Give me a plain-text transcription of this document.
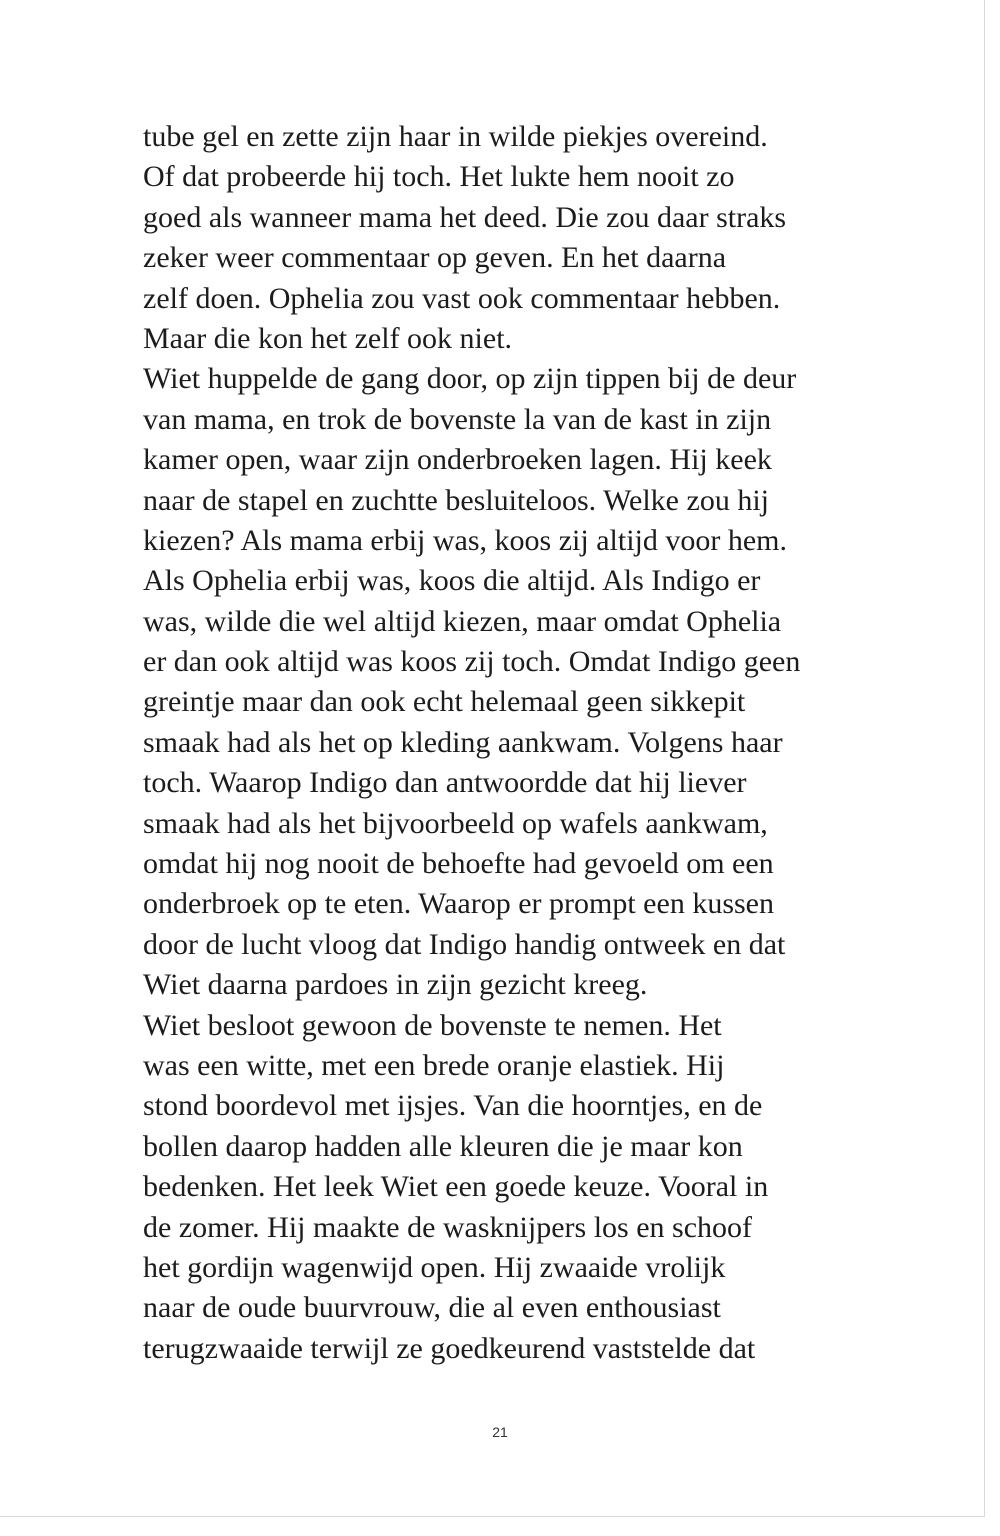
tube gel en zette zijn haar in wilde piekjes overeind.
Of dat probeerde hij toch. Het lukte hem nooit zo
goed als wanneer mama het deed. Die zou daar straks
zeker weer commentaar op geven. En het daarna
zelf doen. Ophelia zou vast ook commentaar hebben.
Maar die kon het zelf ook niet.
Wiet huppelde de gang door, op zijn tippen bij de deur
van mama, en trok de bovenste la van de kast in zijn
kamer open, waar zijn onderbroeken lagen. Hij keek
naar de stapel en zuchtte besluiteloos. Welke zou hij
kiezen? Als mama erbij was, koos zij altijd voor hem.
Als Ophelia erbij was, koos die altijd. Als Indigo er
was, wilde die wel altijd kiezen, maar omdat Ophelia
er dan ook altijd was koos zij toch. Omdat Indigo geen
greintje maar dan ook echt helemaal geen sikkepit
smaak had als het op kleding aankwam. Volgens haar
toch. Waarop Indigo dan antwoordde dat hij liever
smaak had als het bijvoorbeeld op wafels aankwam,
omdat hij nog nooit de behoefte had gevoeld om een
onderbroek op te eten. Waarop er prompt een kussen
door de lucht vloog dat Indigo handig ontweek en dat
Wiet daarna pardoes in zijn gezicht kreeg.
Wiet besloot gewoon de bovenste te nemen. Het
was een witte, met een brede oranje elastiek. Hij
stond boordevol met ijsjes. Van die hoorntjes, en de
bollen daarop hadden alle kleuren die je maar kon
bedenken. Het leek Wiet een goede keuze. Vooral in
de zomer. Hij maakte de wasknijpers los en schoof
het gordijn wagenwijd open. Hij zwaaide vrolijk
naar de oude buurvrouw, die al even enthousiast
terugzwaaide terwijl ze goedkeurend vaststelde dat
21
